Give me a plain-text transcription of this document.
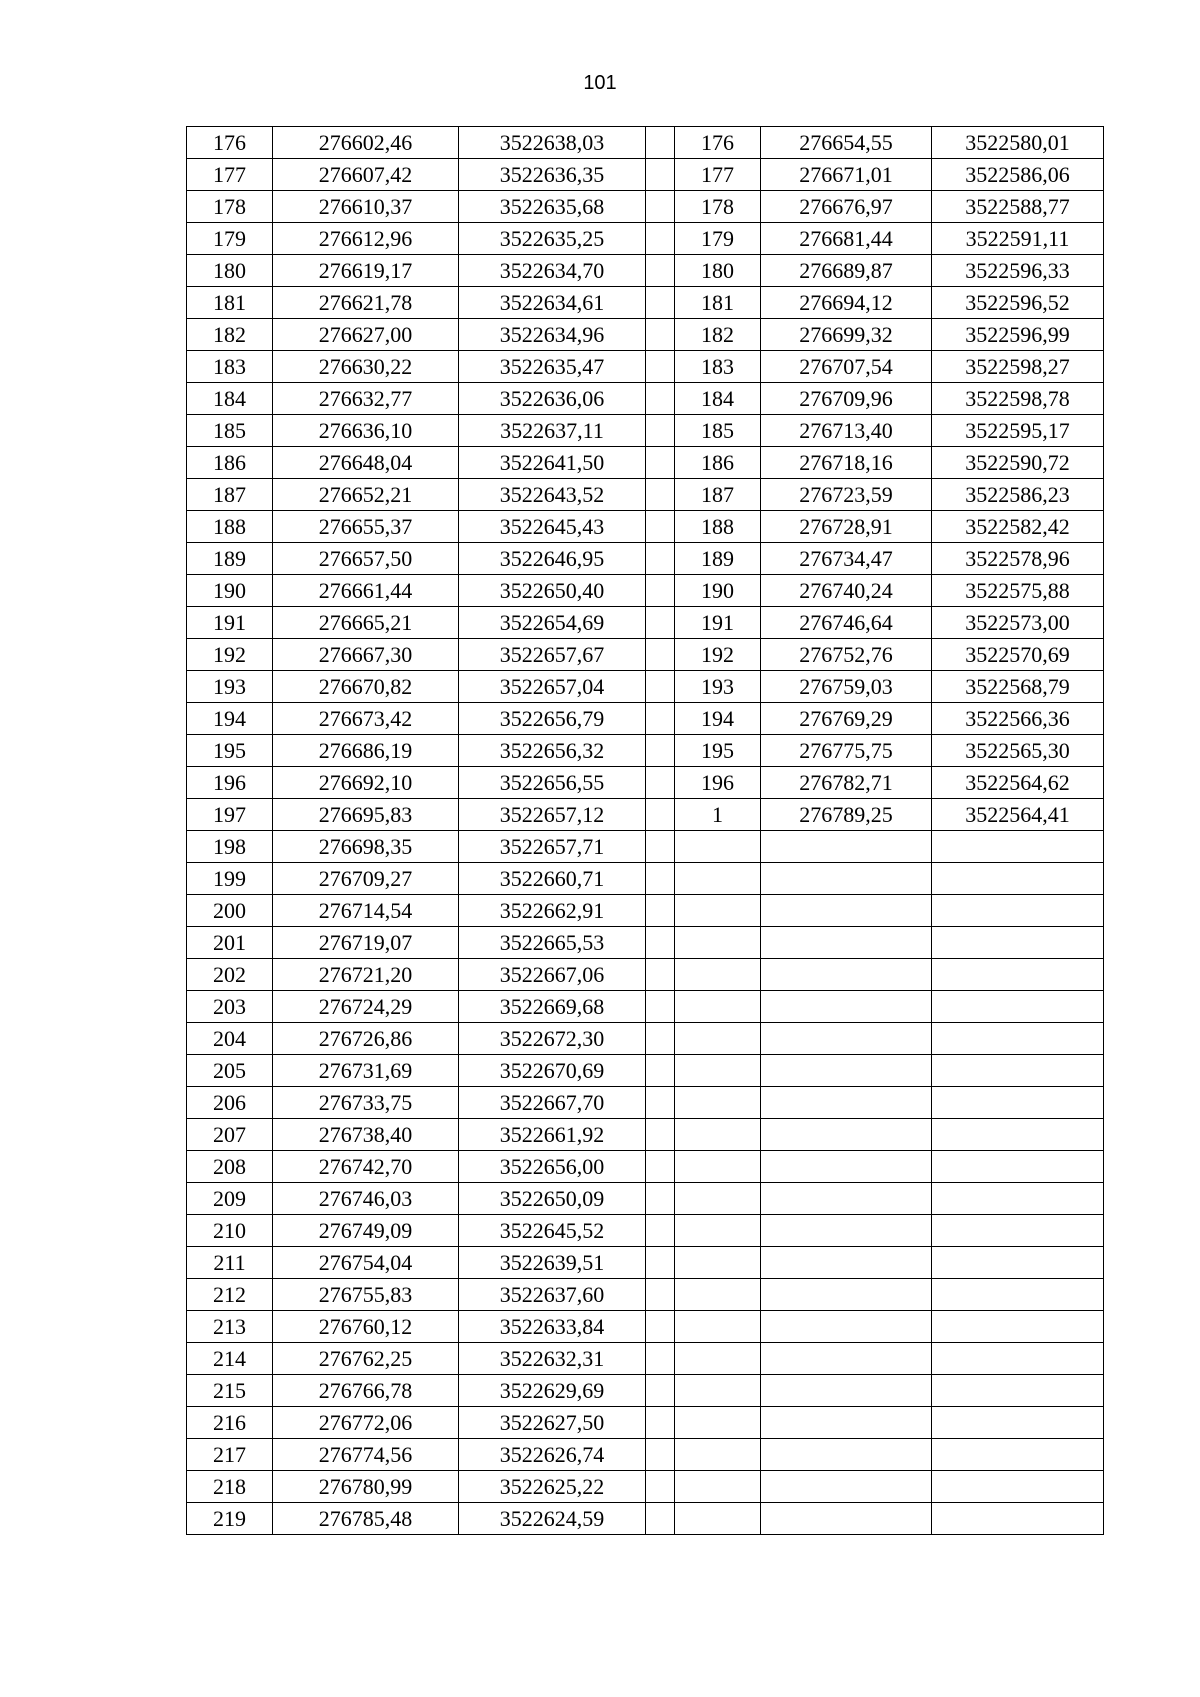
101
176	276602,46	3522638,03		176	276654,55	3522580,01
177	276607,42	3522636,35		177	276671,01	3522586,06
178	276610,37	3522635,68		178	276676,97	3522588,77
179	276612,96	3522635,25		179	276681,44	3522591,11
180	276619,17	3522634,70		180	276689,87	3522596,33
181	276621,78	3522634,61		181	276694,12	3522596,52
182	276627,00	3522634,96		182	276699,32	3522596,99
183	276630,22	3522635,47		183	276707,54	3522598,27
184	276632,77	3522636,06		184	276709,96	3522598,78
185	276636,10	3522637,11		185	276713,40	3522595,17
186	276648,04	3522641,50		186	276718,16	3522590,72
187	276652,21	3522643,52		187	276723,59	3522586,23
188	276655,37	3522645,43		188	276728,91	3522582,42
189	276657,50	3522646,95		189	276734,47	3522578,96
190	276661,44	3522650,40		190	276740,24	3522575,88
191	276665,21	3522654,69		191	276746,64	3522573,00
192	276667,30	3522657,67		192	276752,76	3522570,69
193	276670,82	3522657,04		193	276759,03	3522568,79
194	276673,42	3522656,79		194	276769,29	3522566,36
195	276686,19	3522656,32		195	276775,75	3522565,30
196	276692,10	3522656,55		196	276782,71	3522564,62
197	276695,83	3522657,12		1	276789,25	3522564,41
198	276698,35	3522657,71				
199	276709,27	3522660,71				
200	276714,54	3522662,91				
201	276719,07	3522665,53				
202	276721,20	3522667,06				
203	276724,29	3522669,68				
204	276726,86	3522672,30				
205	276731,69	3522670,69				
206	276733,75	3522667,70				
207	276738,40	3522661,92				
208	276742,70	3522656,00				
209	276746,03	3522650,09				
210	276749,09	3522645,52				
211	276754,04	3522639,51				
212	276755,83	3522637,60				
213	276760,12	3522633,84				
214	276762,25	3522632,31				
215	276766,78	3522629,69				
216	276772,06	3522627,50				
217	276774,56	3522626,74				
218	276780,99	3522625,22				
219	276785,48	3522624,59				
